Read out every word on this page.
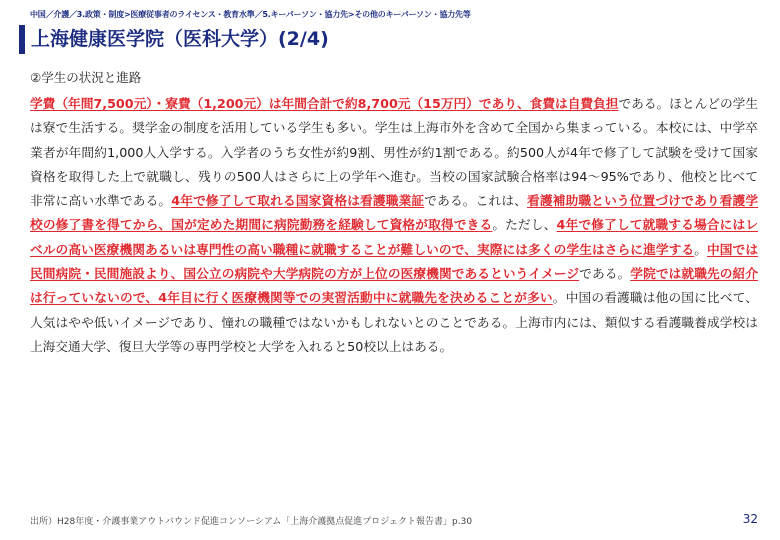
中国／介護／3.政策・制度>医療従事者のライセンス・教育水準／5.キーパーソン・協力先>その他のキーパーソン・協力先等
上海健康医学院（医科大学）(2/4)
②学生の状況と進路
学費（年間7,500元）・寮費（1,200元）は年間合計で約8,700元（15万円）であり、食費は自費負担である。ほとんどの学生は寮で生活する。奨学金の制度を活用している学生も多い。学生は上海市外を含めて全国から集まっている。本校には、中学卒業者が年間約1,000人入学する。入学者のうち女性が約9割、男性が約1割である。約500人が4年で修了して試験を受けて国家資格を取得した上で就職し、残りの500人はさらに上の学年へ進む。当校の国家試験合格率は94～95%であり、他校と比べて非常に高い水準である。4年で修了して取れる国家資格は看護職業証である。これは、看護補助職という位置づけであり看護学校の修了書を得てから、国が定めた期間に病院勤務を経験して資格が取得できる。ただし、4年で修了して就職する場合にはレベルの高い医療機関あるいは専門性の高い職種に就職することが難しいので、実際には多くの学生はさらに進学する。中国では民間病院・民間施設より、国公立の病院や大学病院の方が上位の医療機関であるというイメージである。学院では就職先の紹介は行っていないので、4年目に行く医療機関等での実習活動中に就職先を決めることが多い。中国の看護職は他の国に比べて、人気はやや低いイメージであり、憧れの職種ではないかもしれないとのことである。上海市内には、類似する看護職養成学校は上海交通大学、復旦大学等の専門学校と大学を入れると50校以上はある。
出所）H28年度・介護事業アウトバウンド促進コンソーシアム「上海介護拠点促進プロジェクト報告書」p.30	32
